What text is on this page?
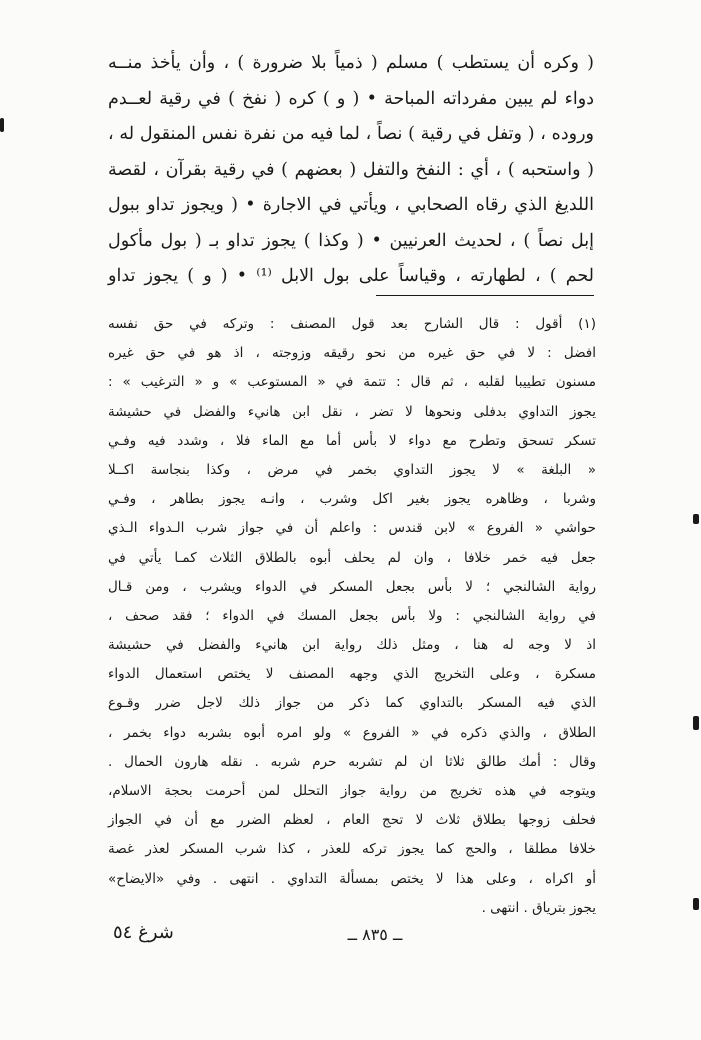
( وكره أن يستطب ) مسلم ( ذمياً بلا ضرورة ) ، وأن يأخذ منــه
دواء لم يبين مفرداته المباحة • ( و ) كره ( نفخ ) في رقية لعــدم
وروده ، ( وتفل في رقية ) نصاً ، لما فيه من نفرة نفس المنقول له ،
( واستحبه ) ، أي : النفخ والتفل ( بعضهم ) في رقية بقرآن ، لقصة
اللديغ الذي رقاه الصحابي ، ويأتي في الاجارة • ( ويجوز تداو ببول
إبل نصاً ) ، لحديث العرنيين • ( وكذا ) يجوز تداو بـ ( بول مأكول
لحم ) ، لطهارته ، وقياساً على بول الابل ⁽¹⁾ • ( و ) يجوز تداو
(١) أقول : قال الشارح بعد قول المصنف : وتركه في حق نفسه
افضل : لا في حق غيره من نحو رقيقه وزوجته ، اذ هو في حق غيره
مسنون تطييبا لقلبه ، ثم قال : تتمة في « المستوعب » و « الترغيب » :
يجوز التداوي بدفلى ونحوها لا تضر ، نقل ابن هانيء والفضل في حشيشة
تسكر تسحق وتطرح مع دواء لا بأس أما مع الماء فلا ، وشدد فيه وفـي
« البلغة » لا يجوز التداوي بخمر في مرض ، وكذا بنجاسة اكــلا
وشربا ، وظاهره يجوز بغير اكل وشرب ، وانـه يجوز بطاهر ، وفـي
حواشي « الفروع » لابن قندس : واعلم أن في جواز شرب الـدواء الـذي
جعل فيه خمر خلافا ، وان لم يحلف أبوه بالطلاق الثلاث كمـا يأتي في
رواية الشالنجي ؛ لا بأس بجعل المسكر في الدواء ويشرب ، ومن قـال
في رواية الشالنجي : ولا بأس بجعل المسك في الدواء ؛ فقد صحف ،
اذ لا وجه له هنا ، ومثل ذلك رواية ابن هانيء والفضل في حشيشة
مسكرة ، وعلى التخريج الذي وجهه المصنف لا يختص استعمال الدواء
الذي فيه المسكر بالتداوي كما ذكر من جواز ذلك لاجل ضرر وقـوع
الطلاق ، والذي ذكره في « الفروع » ولو امره أبوه بشربه دواء بخمر ،
وقال : أمك طالق ثلاثا ان لم تشربه حرم شربه . نقله هارون الحمال .
ويتوجه في هذه تخريج من رواية جواز التحلل لمن أحرمت بحجة الاسلام،
فحلف زوجها بطلاق ثلاث لا تحج العام ، لعظم الضرر مع أن في الجواز
خلافا مطلقا ، والحج كما يجوز تركه للعذر ، كذا شرب المسكر لعذر غصة
أو اكراه ، وعلى هذا لا يختص بمسألة التداوي . انتهى . وفي «الايضاح»
يجوز بترياق . انتهى .
ــ ٨٣٥ ــ
شرغ ٥٤
